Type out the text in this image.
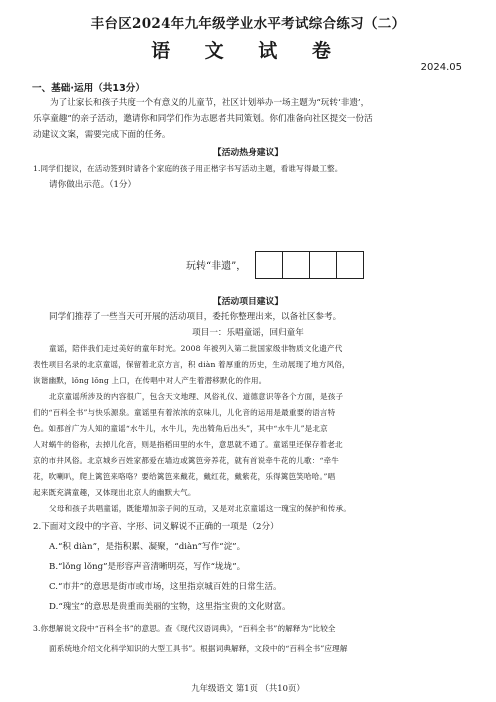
丰台区2024年九年级学业水平考试综合练习（二）
语 文 试 卷
2024.05
一、基础·运用（共13分）
为了让家长和孩子共度一个有意义的儿童节，社区计划举办一场主题为“玩转‘非遗’，
乐享童趣”的亲子活动，邀请你和同学们作为志愿者共同策划。你们准备向社区提交一份活
动建议文案，需要完成下面的任务。
【活动热身建议】
1.同学们提议，在活动签到时请各个家庭的孩子用正楷字书写活动主题，看谁写得最工整。
请你做出示范。（1分）
玩转“非遗”，
【活动项目建议】
同学们推荐了一些当天可开展的活动项目，委托你整理出来，以备社区参考。
项目一：乐唱童谣，回归童年
童谣，陪伴我们走过美好的童年时光。2008 年被列入第二批国家级非物质文化遗产代
表性项目名录的北京童谣，保留着北京方言，积 diàn 着厚重的历史，生动展现了地方风俗，
诙谐幽默，lǒng lǒng 上口，在传唱中对人产生着潜移默化的作用。
北京童谣所涉及的内容很广，包含天文地理、风俗礼仪、道德意识等各个方面，是孩子
们的“百科全书”与快乐源泉。童谣里有着浓浓的京味儿，儿化音的运用是最重要的语言特
色。如那首广为人知的童谣“水牛儿，水牛儿，先出犄角后出头”，其中“水牛儿”是北京
人对蜗牛的俗称，去掉儿化音，则是指稻田里的水牛，意思就不通了。童谣里还保存着老北
京的市井风俗。北京城乡百姓家都爱在墙边或篱笆旁养花，就有首说牵牛花的儿歌：“牵牛
花，吹喇叭，爬上篱笆来咯咯？要给篱笆来戴花，戴红花，戴紫花，乐得篱笆笑哈哈。”唱
起来既充满童趣，又体现出北京人的幽默大气。
父母和孩子共唱童谣，既能增加亲子间的互动，又是对北京童谣这一瑰宝的保护和传承。
2.下面对文段中的字音、字形、词义解说不正确的一项是（2分）
A.“积 diàn”，是指积累、凝聚，“diàn”写作“淀”。
B.“lǒng lǒng”是形容声音清晰明亮，写作“垅垅”。
C.“市井”的意思是街市或市场，这里指京城百姓的日常生活。
D.“瑰宝”的意思是贵重而美丽的宝物，这里指宝贵的文化财富。
3.你想解说文段中“百科全书”的意思。查《现代汉语词典》，“百科全书”的解释为“比较全
面系统地介绍文化科学知识的大型工具书”。根据词典解释，文段中的“百科全书”应理解
九年级语文 第1页 （共10页）
